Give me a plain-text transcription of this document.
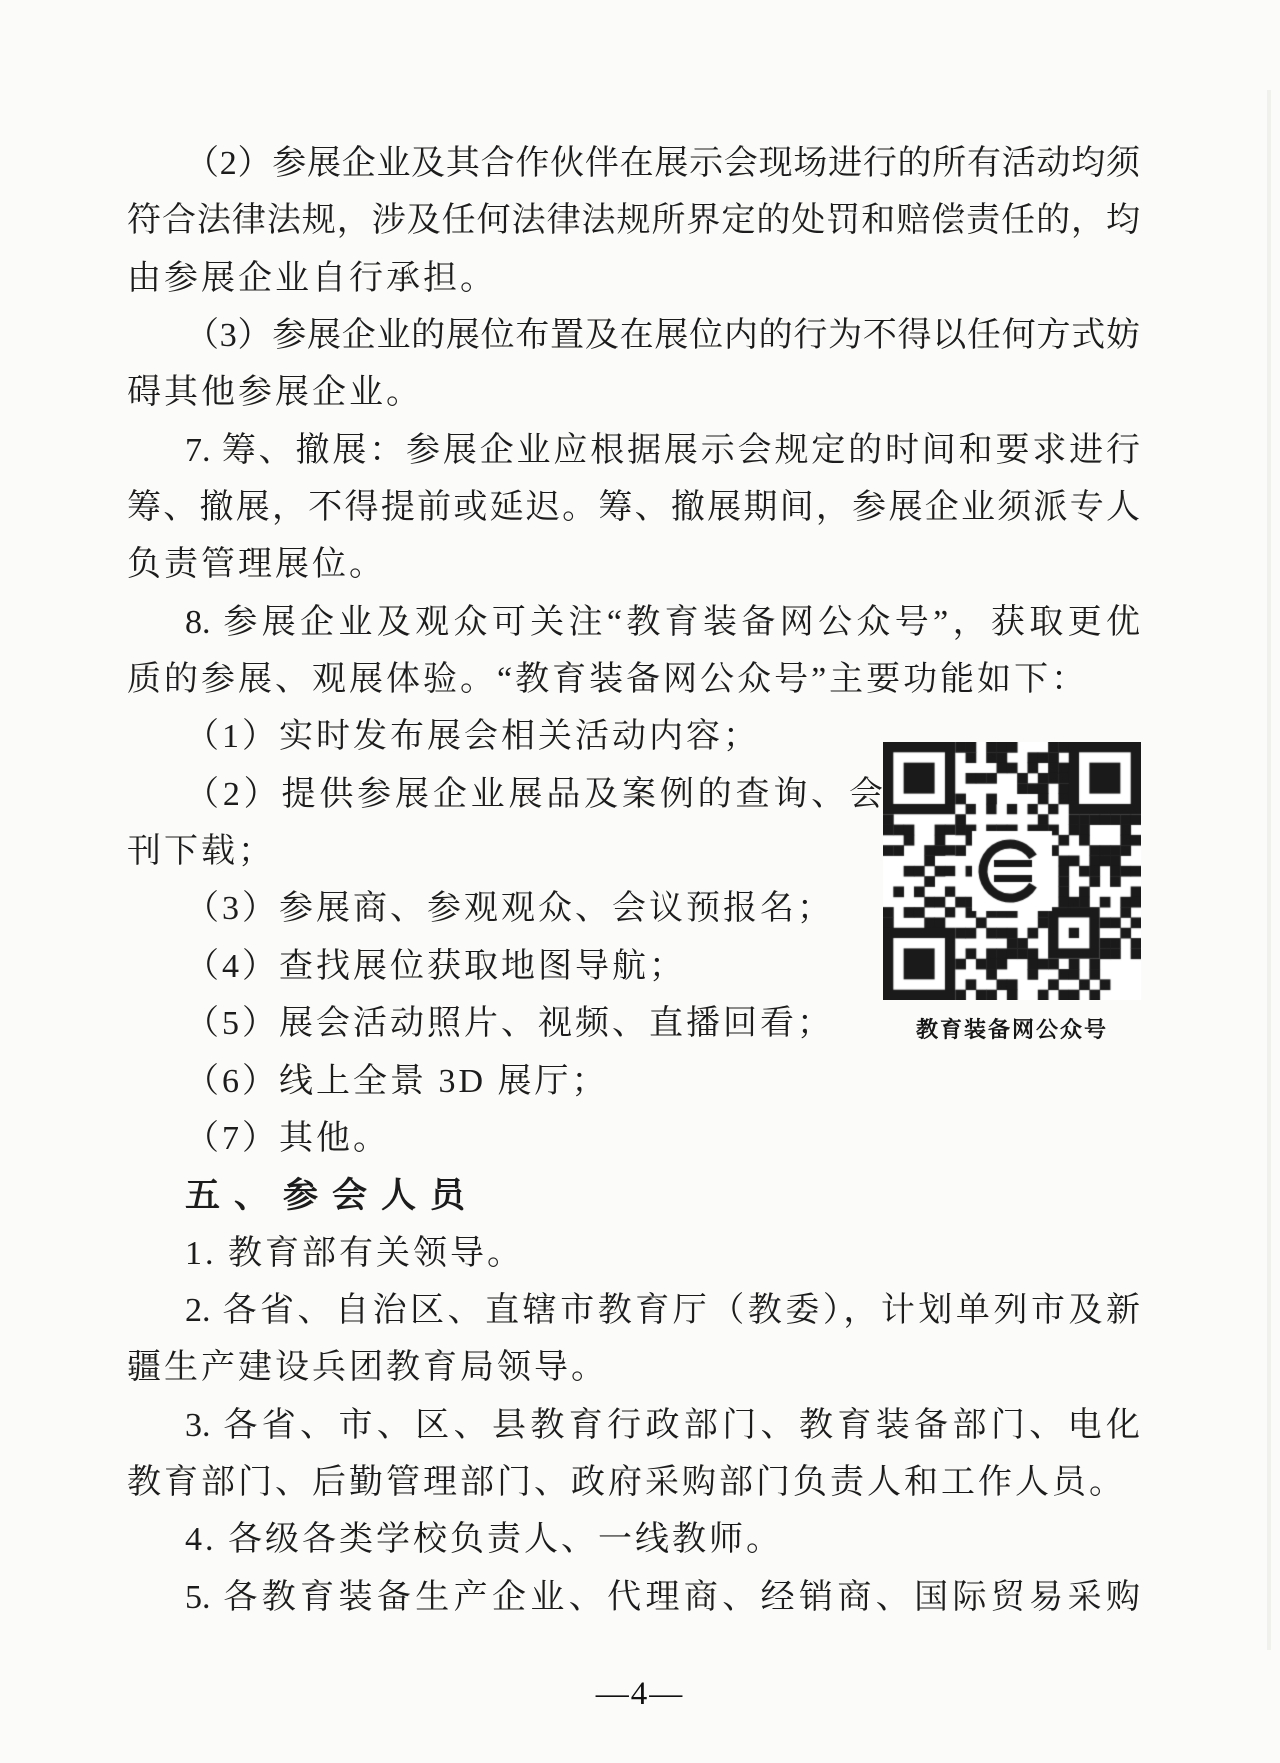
（2）参展企业及其合作伙伴在展示会现场进行的所有活动均须
符合法律法规，涉及任何法律法规所界定的处罚和赔偿责任的，均
由参展企业自行承担。
（3）参展企业的展位布置及在展位内的行为不得以任何方式妨
碍其他参展企业。
7. 筹、撤展：参展企业应根据展示会规定的时间和要求进行
筹、撤展，不得提前或延迟。筹、撤展期间，参展企业须派专人
负责管理展位。
8. 参展企业及观众可关注“教育装备网公众号”，获取更优
质的参展、观展体验。“教育装备网公众号”主要功能如下：
（1）实时发布展会相关活动内容；
（2）提供参展企业展品及案例的查询、会
刊下载；
（3）参展商、参观观众、会议预报名；
（4）查找展位获取地图导航；
（5）展会活动照片、视频、直播回看；
（6）线上全景 3D 展厅；
（7）其他。
五、参会人员
1. 教育部有关领导。
2. 各省、自治区、直辖市教育厅（教委），计划单列市及新
疆生产建设兵团教育局领导。
3. 各省、市、区、县教育行政部门、教育装备部门、电化
教育部门、后勤管理部门、政府采购部门负责人和工作人员。
4. 各级各类学校负责人、一线教师。
5. 各教育装备生产企业、代理商、经销商、国际贸易采购
教育装备网公众号
—4—
